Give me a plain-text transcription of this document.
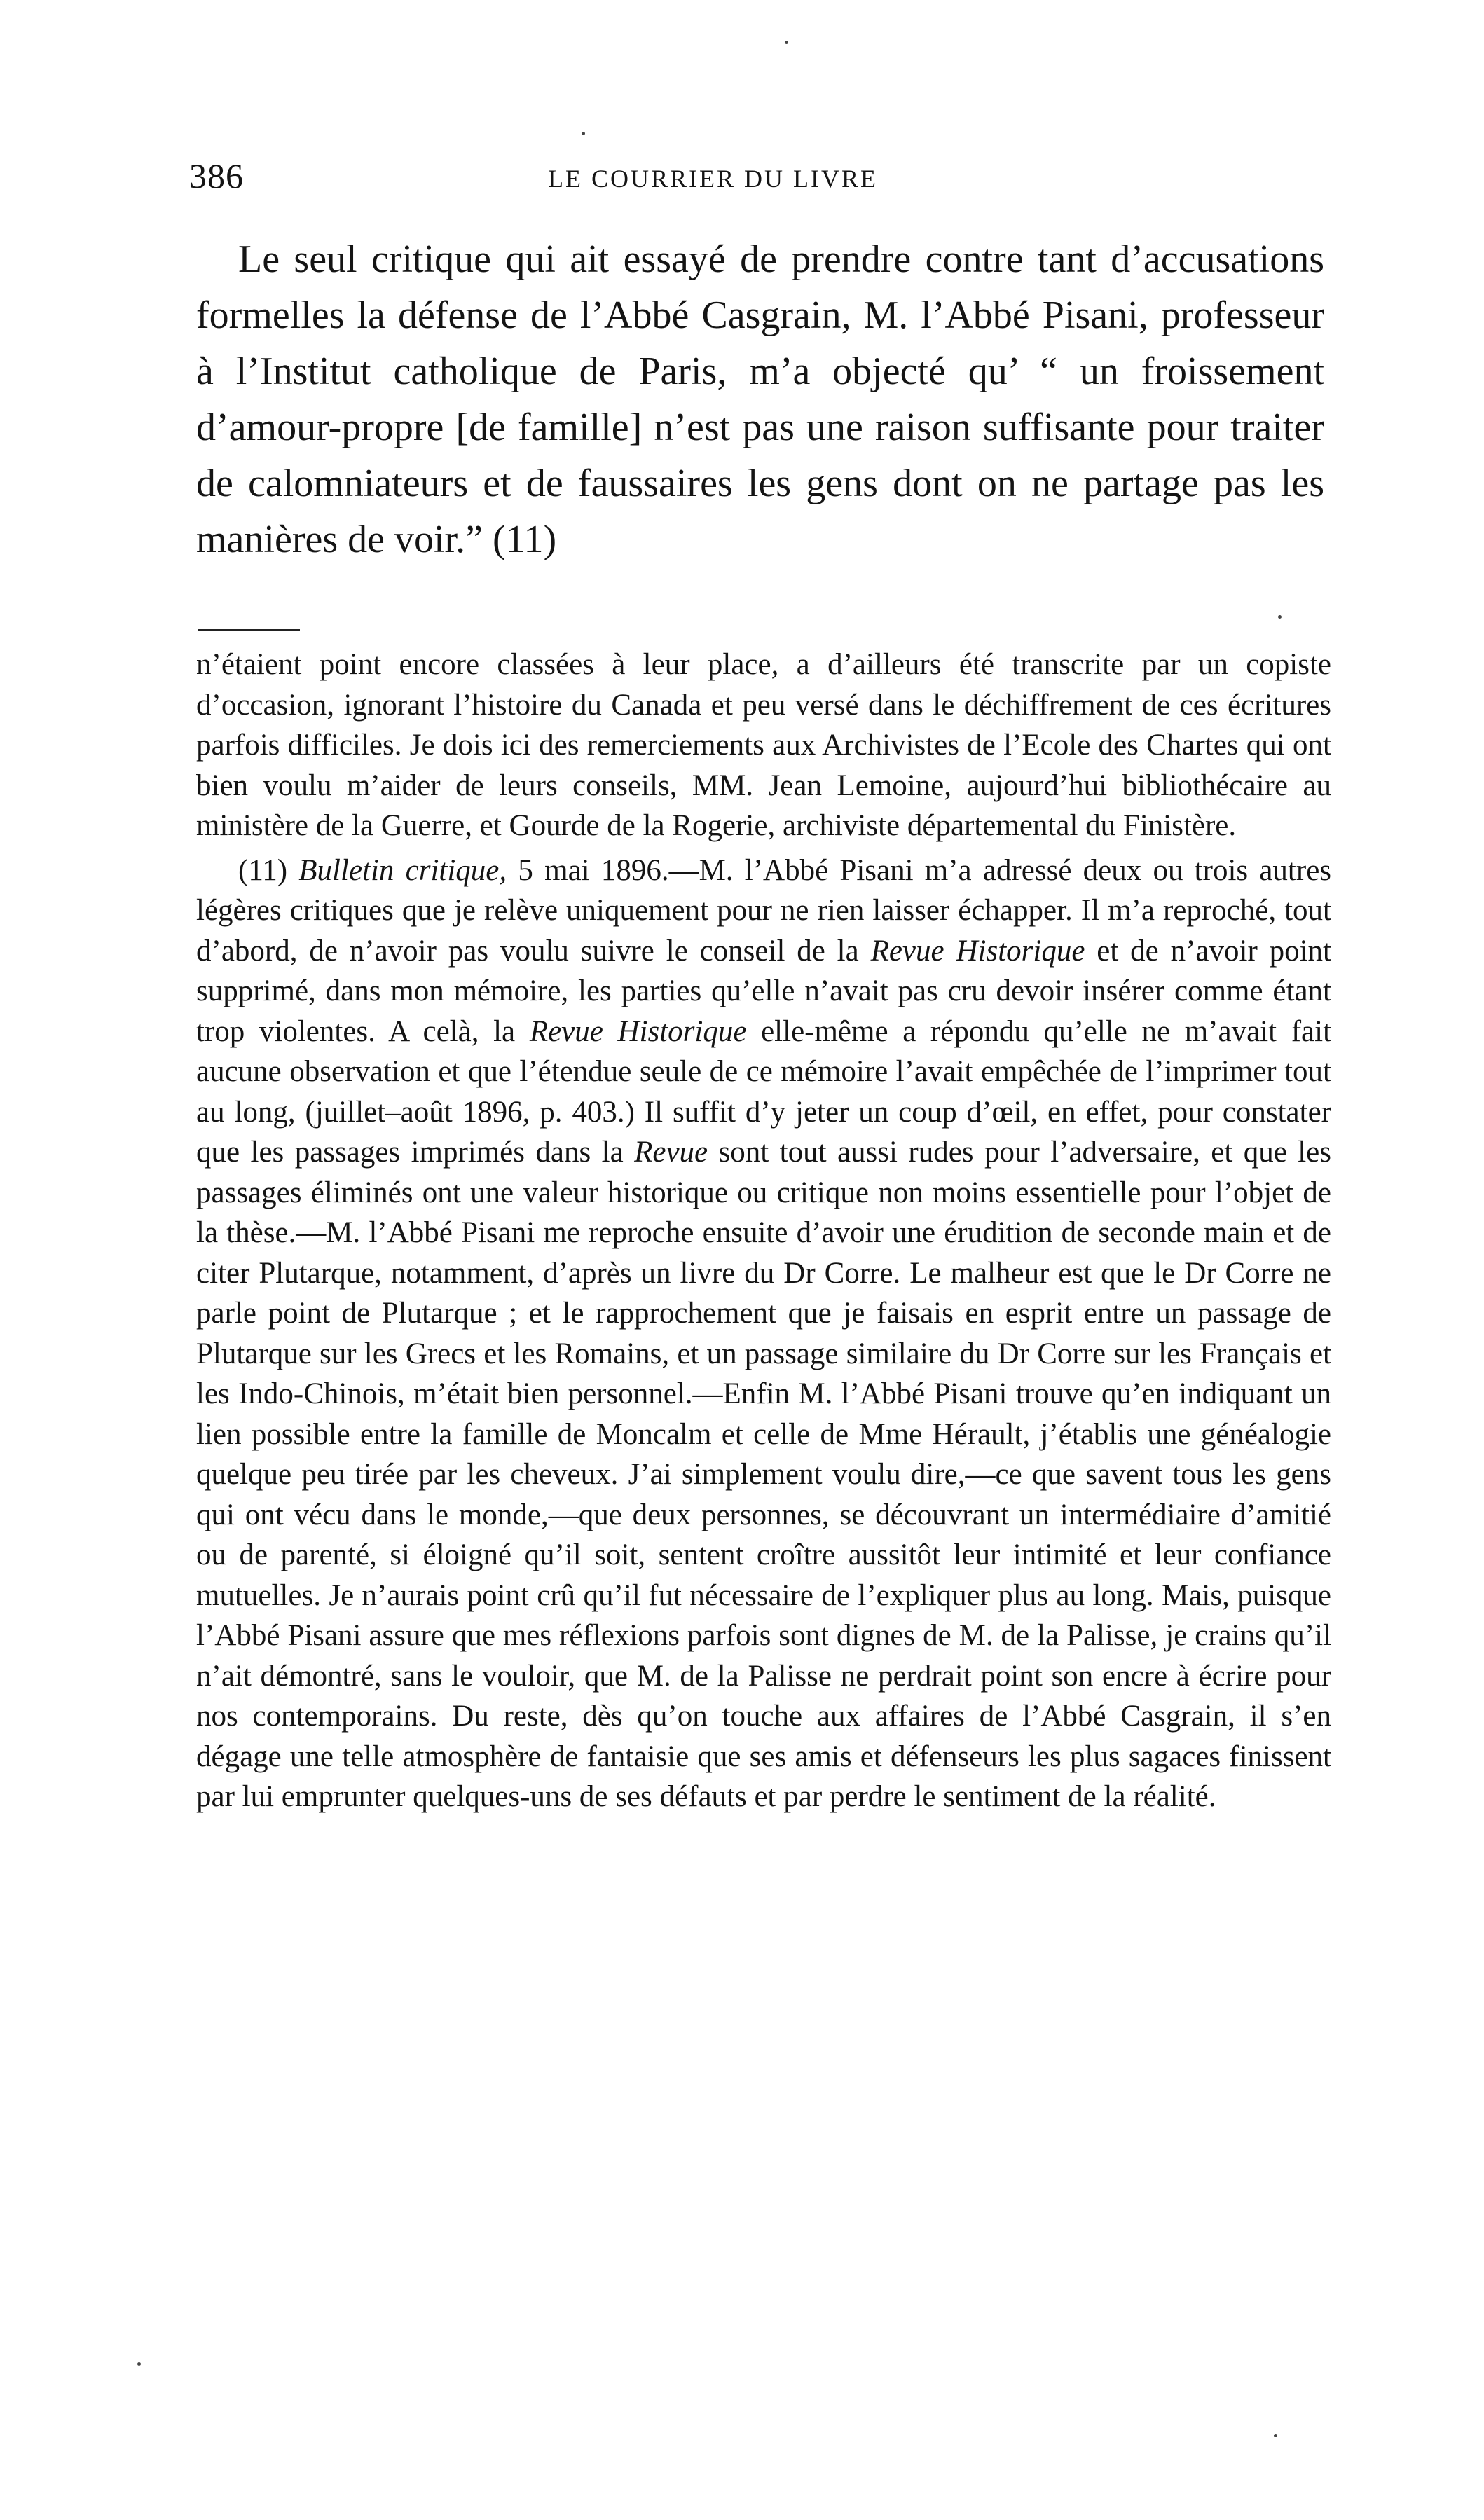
386	LE COURRIER DU LIVRE

Le seul critique qui ait essayé de prendre contre tant d’accusations formelles la défense de l’Abbé Casgrain, M. l’Abbé Pisani, professeur à l’Institut catholique de Paris, m’a objecté qu’ “ un froissement d’amour-propre [de famille] n’est pas une raison suffisante pour traiter de calomniateurs et de faussaires les gens dont on ne partage pas les manières de voir.” (11)

n’étaient point encore classées à leur place, a d’ailleurs été transcrite par un copiste d’occasion, ignorant l’histoire du Canada et peu versé dans le déchiffrement de ces écritures parfois difficiles. Je dois ici des remerciements aux Archivistes de l’Ecole des Chartes qui ont bien voulu m’aider de leurs conseils, MM. Jean Lemoine, aujourd’hui bibliothécaire au ministère de la Guerre, et Gourde de la Rogerie, archiviste départemental du Finistère.

(11) Bulletin critique, 5 mai 1896.—M. l’Abbé Pisani m’a adressé deux ou trois autres légères critiques que je relève uniquement pour ne rien laisser échapper. Il m’a reproché, tout d’abord, de n’avoir pas voulu suivre le conseil de la Revue Historique et de n’avoir point supprimé, dans mon mémoire, les parties qu’elle n’avait pas cru devoir insérer comme étant trop violentes. A celà, la Revue Historique elle-même a répondu qu’elle ne m’avait fait aucune observation et que l’étendue seule de ce mémoire l’avait empêchée de l’imprimer tout au long, (juillet–août 1896, p. 403.) Il suffit d’y jeter un coup d’œil, en effet, pour constater que les passages imprimés dans la Revue sont tout aussi rudes pour l’adversaire, et que les passages éliminés ont une valeur historique ou critique non moins essentielle pour l’objet de la thèse.—M. l’Abbé Pisani me reproche ensuite d’avoir une érudition de seconde main et de citer Plutarque, notamment, d’après un livre du Dr Corre. Le malheur est que le Dr Corre ne parle point de Plutarque ; et le rapprochement que je faisais en esprit entre un passage de Plutarque sur les Grecs et les Romains, et un passage similaire du Dr Corre sur les Français et les Indo-Chinois, m’était bien personnel.—Enfin M. l’Abbé Pisani trouve qu’en indiquant un lien possible entre la famille de Moncalm et celle de Mme Hérault, j’établis une généalogie quelque peu tirée par les cheveux. J’ai simplement voulu dire,—ce que savent tous les gens qui ont vécu dans le monde,—que deux personnes, se découvrant un intermédiaire d’amitié ou de parenté, si éloigné qu’il soit, sentent croître aussitôt leur intimité et leur confiance mutuelles. Je n’aurais point crû qu’il fut nécessaire de l’expliquer plus au long. Mais, puisque l’Abbé Pisani assure que mes réflexions parfois sont dignes de M. de la Palisse, je crains qu’il n’ait démontré, sans le vouloir, que M. de la Palisse ne perdrait point son encre à écrire pour nos contemporains. Du reste, dès qu’on touche aux affaires de l’Abbé Casgrain, il s’en dégage une telle atmosphère de fantaisie que ses amis et défenseurs les plus sagaces finissent par lui emprunter quelques-uns de ses défauts et par perdre le sentiment de la réalité.
